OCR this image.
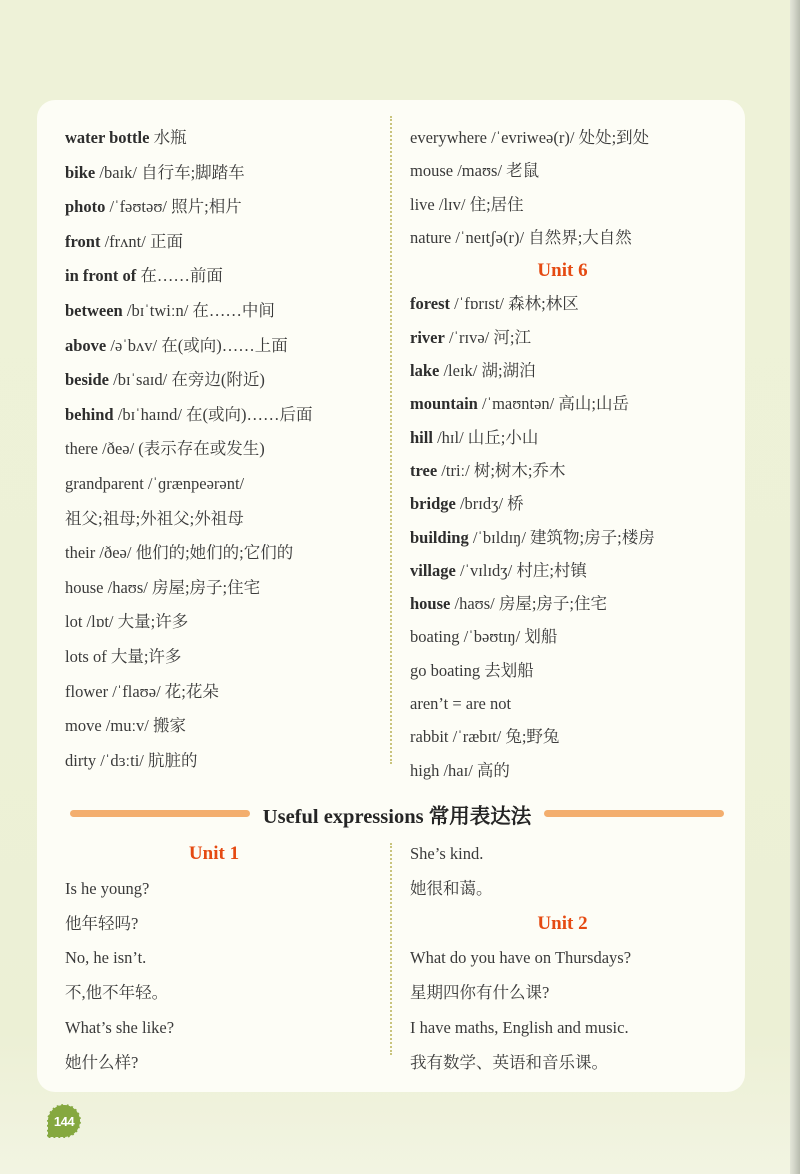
water bottle 水瓶
bike /baɪk/ 自行车;脚踏车
photo /ˈfəʊtəʊ/ 照片;相片
front /frʌnt/ 正面
in front of 在……前面
between /bɪˈtwiːn/ 在……中间
above /əˈbʌv/ 在(或向)……上面
beside /bɪˈsaɪd/ 在旁边(附近)
behind /bɪˈhaɪnd/ 在(或向)……后面
there /ðeə/ (表示存在或发生)
grandparent /ˈɡrænpeərənt/
祖父;祖母;外祖父;外祖母
their /ðeə/ 他们的;她们的;它们的
house /haʊs/ 房屋;房子;住宅
lot /lɒt/ 大量;许多
lots of 大量;许多
flower /ˈflaʊə/ 花;花朵
move /muːv/ 搬家
dirty /ˈdɜːti/ 肮脏的
everywhere /ˈevriweə(r)/ 处处;到处
mouse /maʊs/ 老鼠
live /lɪv/ 住;居住
nature /ˈneɪtʃə(r)/ 自然界;大自然
Unit 6
forest /ˈfɒrɪst/ 森林;林区
river /ˈrɪvə/ 河;江
lake /leɪk/ 湖;湖泊
mountain /ˈmaʊntən/ 高山;山岳
hill /hɪl/ 山丘;小山
tree /triː/ 树;树木;乔木
bridge /brɪdʒ/ 桥
building /ˈbɪldɪŋ/ 建筑物;房子;楼房
village /ˈvɪlɪdʒ/ 村庄;村镇
house /haʊs/ 房屋;房子;住宅
boating /ˈbəʊtɪŋ/ 划船
go boating 去划船
aren’t = are not
rabbit /ˈræbɪt/ 兔;野兔
high /haɪ/ 高的
Useful expressions 常用表达法
Unit 1
Is he young?
他年轻吗?
No, he isn’t.
不,他不年轻。
What’s she like?
她什么样?
She’s kind.
她很和蔼。
Unit 2
What do you have on Thursdays?
星期四你有什么课?
I have maths, English and music.
我有数学、英语和音乐课。
144
